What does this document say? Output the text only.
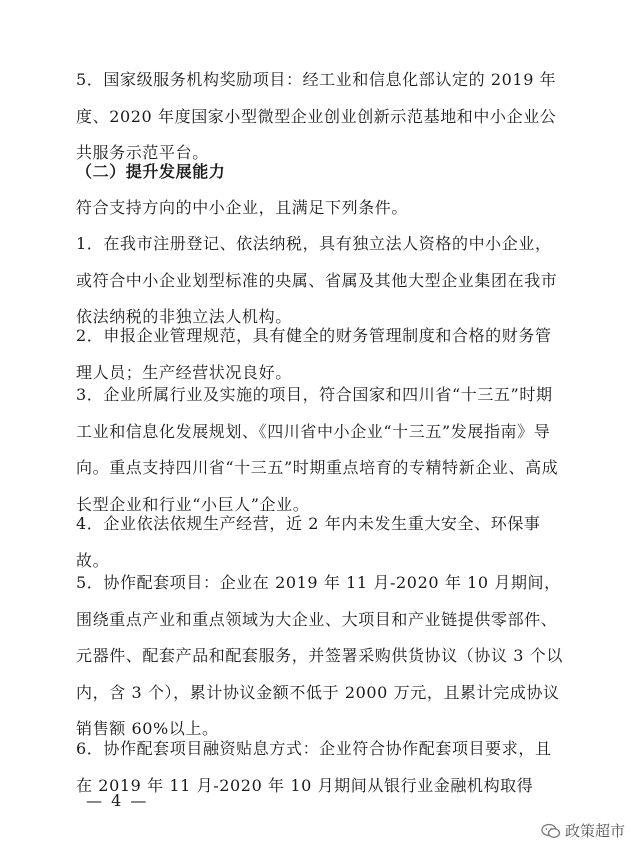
5．国家级服务机构奖励项目：经工业和信息化部认定的 2019 年度、2020 年度国家小型微型企业创业创新示范基地和中小企业公共服务示范平台。

（二）提升发展能力

符合支持方向的中小企业，且满足下列条件。

1．在我市注册登记、依法纳税，具有独立法人资格的中小企业，或符合中小企业划型标准的央属、省属及其他大型企业集团在我市依法纳税的非独立法人机构。

2．申报企业管理规范，具有健全的财务管理制度和合格的财务管理人员；生产经营状况良好。

3．企业所属行业及实施的项目，符合国家和四川省“十三五”时期工业和信息化发展规划、《四川省中小企业“十三五”发展指南》导向。重点支持四川省“十三五”时期重点培育的专精特新企业、高成长型企业和行业“小巨人”企业。

4．企业依法依规生产经营，近 2 年内未发生重大安全、环保事故。

5．协作配套项目：企业在 2019 年 11 月-2020 年 10 月期间，围绕重点产业和重点领域为大企业、大项目和产业链提供零部件、元器件、配套产品和配套服务，并签署采购供货协议（协议 3 个以内，含 3 个），累计协议金额不低于 2000 万元，且累计完成协议销售额 60%以上。

6．协作配套项目融资贴息方式：企业符合协作配套项目要求，且在 2019 年 11 月-2020 年 10 月期间从银行业金融机构取得

— 4 —
政策超市
